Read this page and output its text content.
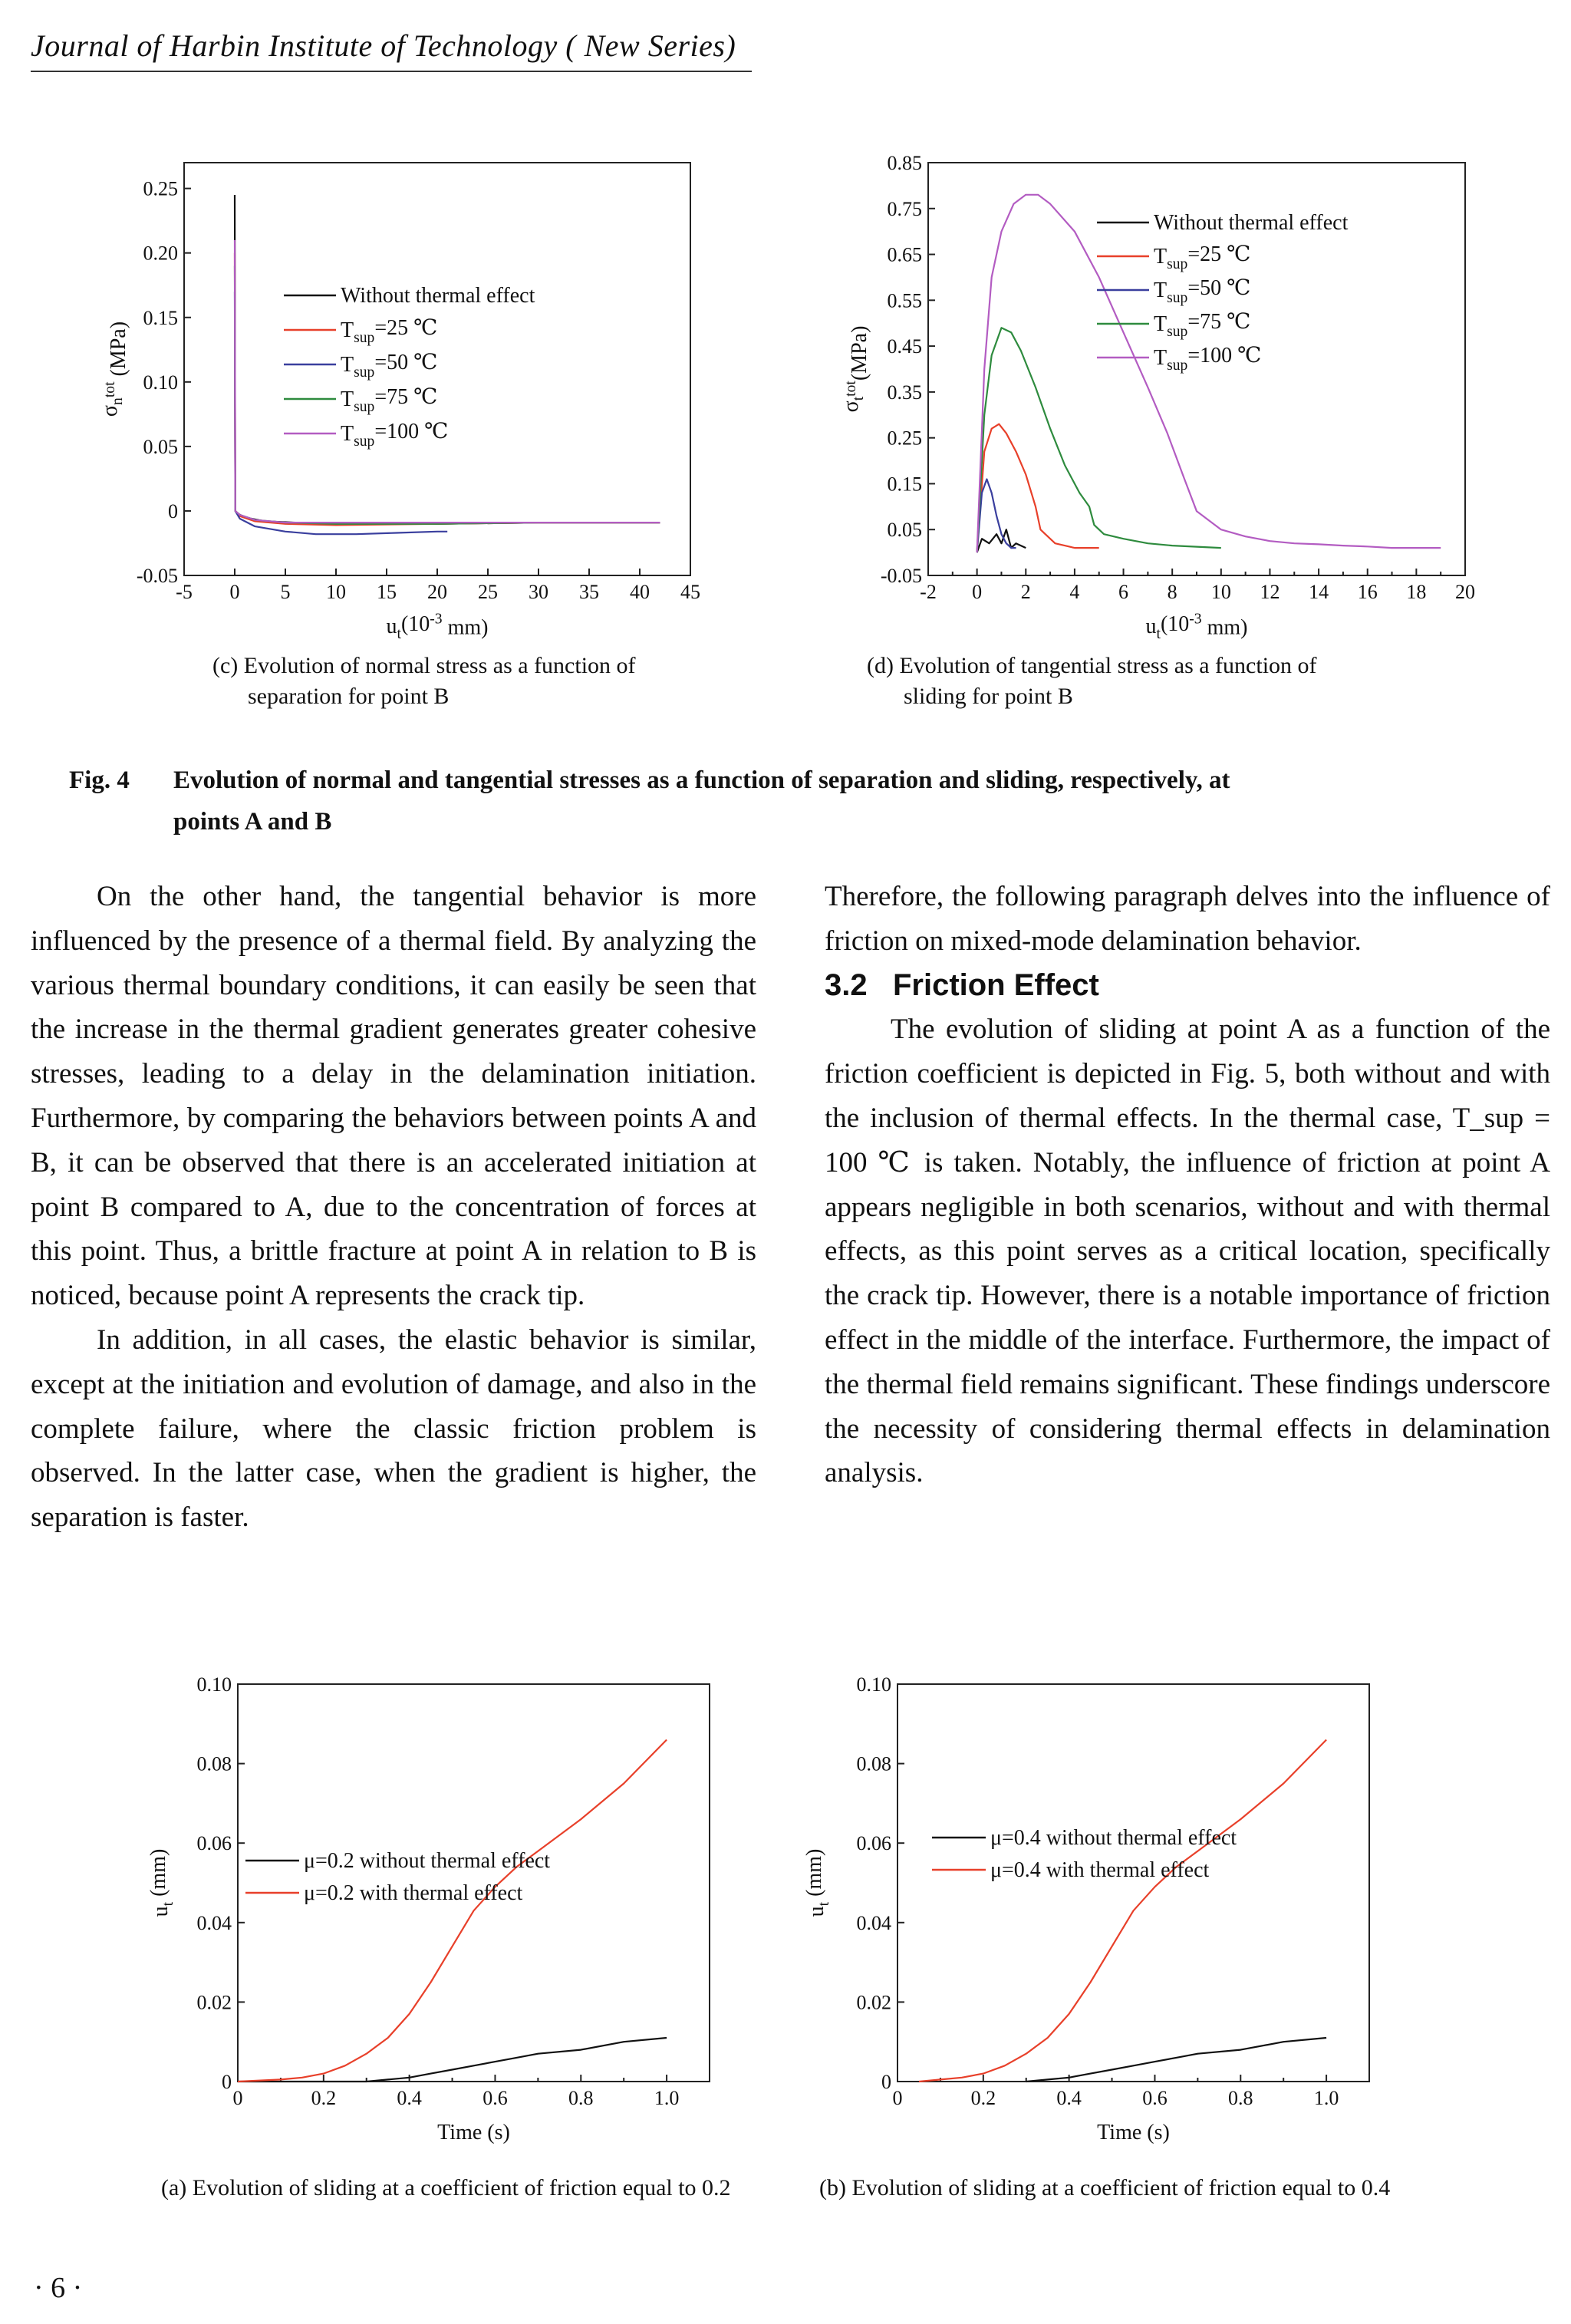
Journal of Harbin Institute of Technology ( New Series)
-5 0 5 10 15 20 25 30 35 40 45
-0.05
0
0.05
0.10
0.15
0.20
0.25
$u_t(10^{-3}$ mm)
$\sigma_n^{tot}$ (MPa)
Without thermal effect
$T_{sup}=25$ ℃
$T_{sup}=50$ ℃
$T_{sup}=75$ ℃
$T_{sup}=100$ ℃
(c) Evolution of normal stress as a function of
separation for point B
-2 0 2 4 6 8 10 12 14 16 18 20
-0.05
0.05
0.15
0.25
0.35
0.45
0.55
0.65
0.75
0.85
$u_t(10^{-3}$ mm)
$\sigma_t^{tot}(MPa)$
Without thermal effect
$T_{sup}=25$ ℃
$T_{sup}=50$ ℃
$T_{sup}=75$ ℃
$T_{sup}=100$ ℃
(d) Evolution of tangential stress as a function of
sliding for point B
Fig. 4 Evolution of normal and tangential stresses as a function of separation and sliding, respectively, at
points A and B

On the other hand, the tangential behavior is more influenced by the presence of a thermal field. By analyzing the various thermal boundary conditions, it can easily be seen that the increase in the thermal gradient generates greater cohesive stresses, leading to a delay in the delamination initiation. Furthermore, by comparing the behaviors between points A and B, it can be observed that there is an accelerated initiation at point B compared to A, due to the concentration of forces at this point. Thus, a brittle fracture at point A in relation to B is noticed, because point A represents the crack tip.

In addition, in all cases, the elastic behavior is similar, except at the initiation and evolution of damage, and also in the complete failure, where the classic friction problem is observed. In the latter case, when the gradient is higher, the separation is faster.

Therefore, the following paragraph delves into the influence of friction on mixed-mode delamination behavior.

3.2 Friction Effect

The evolution of sliding at point A as a function of the friction coefficient is depicted in Fig. 5, both without and with the inclusion of thermal effects. In the thermal case, T_sup = 100 ℃ is taken. Notably, the influence of friction at point A appears negligible in both scenarios, without and with thermal effects, as this point serves as a critical location, specifically the crack tip. However, there is a notable importance of friction effect in the middle of the interface. Furthermore, the impact of the thermal field remains significant. These findings underscore the necessity of considering thermal effects in delamination analysis.

0	0.2	0.4	0.6	0.8	1.0
0
0.02
0.04
0.06
0.08
0.10
Time (s)
$u_t$ (mm)	μ=0.2 without thermal effect
μ=0.2 with thermal effect
(a) Evolution of sliding at a coefficient of friction equal to 0.2
0	0.2	0.4	0.6	0.8	1.0
0
0.02
0.04
0.06
0.08
0.10
Time (s)
$u_t$ (mm)
μ=0.4 without thermal effect
μ=0.4 with thermal effect
(b) Evolution of sliding at a coefficient of friction equal to 0.4
· 6 ·
